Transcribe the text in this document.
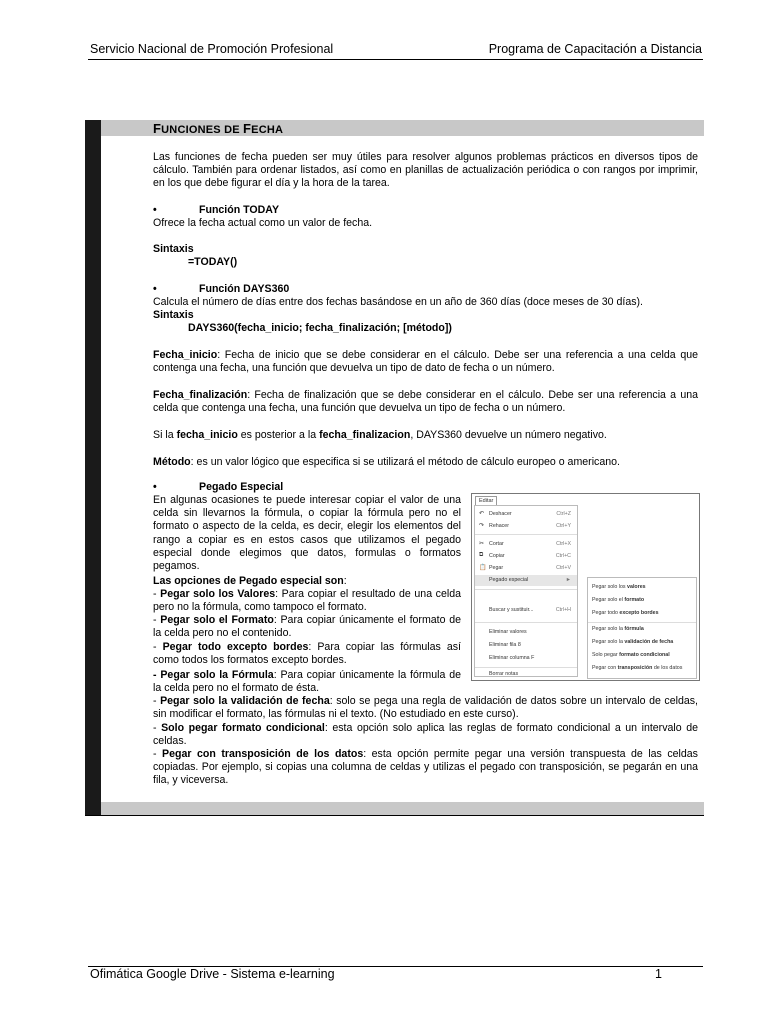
Servicio Nacional de Promoción Profesional	Programa de Capacitación a Distancia
FUNCIONES DE FECHA
Las funciones de fecha pueden ser muy útiles para resolver algunos problemas prácticos en diversos tipos de cálculo. También para ordenar listados, así como en planillas de actualización periódica o con rangos por imprimir, en los que debe figurar el día y la hora de la tarea.
•	Función TODAY
Ofrece la fecha actual como un valor de fecha.
Sintaxis
=TODAY()
•	Función DAYS360
Calcula el número de días entre dos fechas basándose en un año de 360 días (doce meses de 30 días).
Sintaxis
DAYS360(fecha_inicio; fecha_finalización; [método])
Fecha_inicio: Fecha de inicio que se debe considerar en el cálculo. Debe ser una referencia a una celda que contenga una fecha, una función que devuelva un tipo de dato de fecha o un número.
Fecha_finalización: Fecha de finalización que se debe considerar en el cálculo. Debe ser una referencia a una celda que contenga una fecha, una función que devuelva un tipo de fecha o un número.
Si la fecha_inicio es posterior a la fecha_finalizacion, DAYS360 devuelve un número negativo.
Método: es un valor lógico que especifica si se utilizará el método de cálculo europeo o americano.
•	Pegado Especial
En algunas ocasiones te puede interesar copiar el valor de una celda sin llevarnos la fórmula, o copiar la fórmula pero no el formato o aspecto de la celda, es decir, elegir los elementos del rango a copiar es en estos casos que utilizamos el pegado especial donde elegimos que datos, formulas o formatos pegamos.
Las opciones de Pegado especial son:
- Pegar solo los Valores: Para copiar el resultado de una celda pero no la fórmula, como tampoco el formato.
- Pegar solo el Formato: Para copiar únicamente el formato de la celda pero no el contenido.
- Pegar todo excepto bordes: Para copiar las fórmulas así como todos los formatos excepto bordes.
- Pegar solo la Fórmula: Para copiar únicamente la fórmula de la celda pero no el formato de ésta.
- Pegar solo la validación de fecha: solo se pega una regla de validación de datos sobre un intervalo de celdas, sin modificar el formato, las fórmulas ni el texto. (No estudiado en este curso).
- Solo pegar formato condicional: esta opción solo aplica las reglas de formato condicional a un intervalo de celdas.
- Pegar con transposición de los datos: esta opción permite pegar una versión transpuesta de las celdas copiadas. Por ejemplo, si copias una columna de celdas y utilizas el pegado con transposición, se pegarán en una fila, y viceversa.
Editar
↶ Deshacer	Ctrl+Z
↷ Rehacer	Ctrl+Y
✂ Cortar	Ctrl+X
⧉ Copiar	Ctrl+C
📋 Pegar	Ctrl+V
Pegado especial	►
Buscar y sustituir...	Ctrl+H
Eliminar valores
Eliminar fila 8
Eliminar columna F
Borrar notas
Pegar solo los valores
Pegar solo el formato
Pegar todo excepto bordes
Pegar solo la fórmula
Pegar solo la validación de fecha
Solo pegar formato condicional
Pegar con transposición de los datos
Ofimática Google Drive - Sistema e-learning	1
